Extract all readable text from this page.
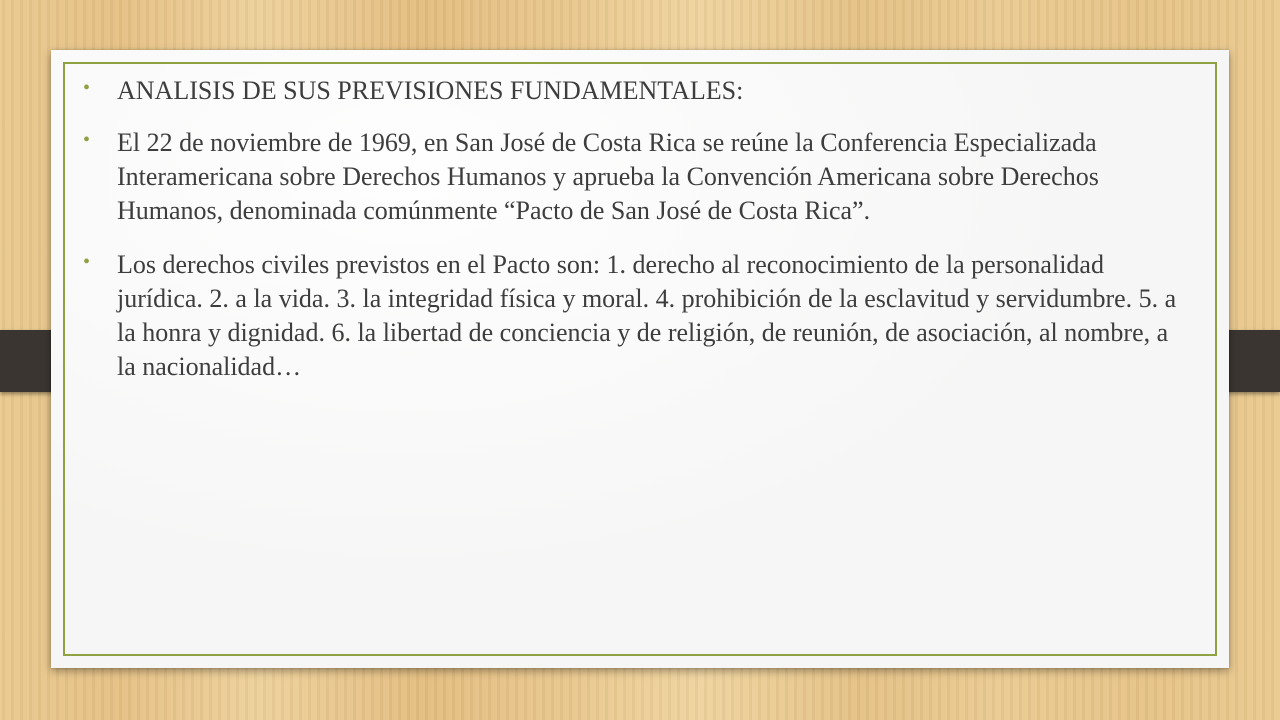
• ANALISIS DE SUS PREVISIONES FUNDAMENTALES:
• El 22 de noviembre de 1969, en San José de Costa Rica se reúne la Conferencia Especializada Interamericana sobre Derechos Humanos y aprueba la Convención Americana sobre Derechos Humanos, denominada comúnmente “Pacto de San José de Costa Rica”.
• Los derechos civiles previstos en el Pacto son: 1. derecho al reconocimiento de la personalidad jurídica. 2. a la vida. 3. la integridad física y moral. 4. prohibición de la esclavitud y servidumbre. 5. a la honra y dignidad. 6. la libertad de conciencia y de religión, de reunión, de asociación, al nombre, a la nacionalidad…
